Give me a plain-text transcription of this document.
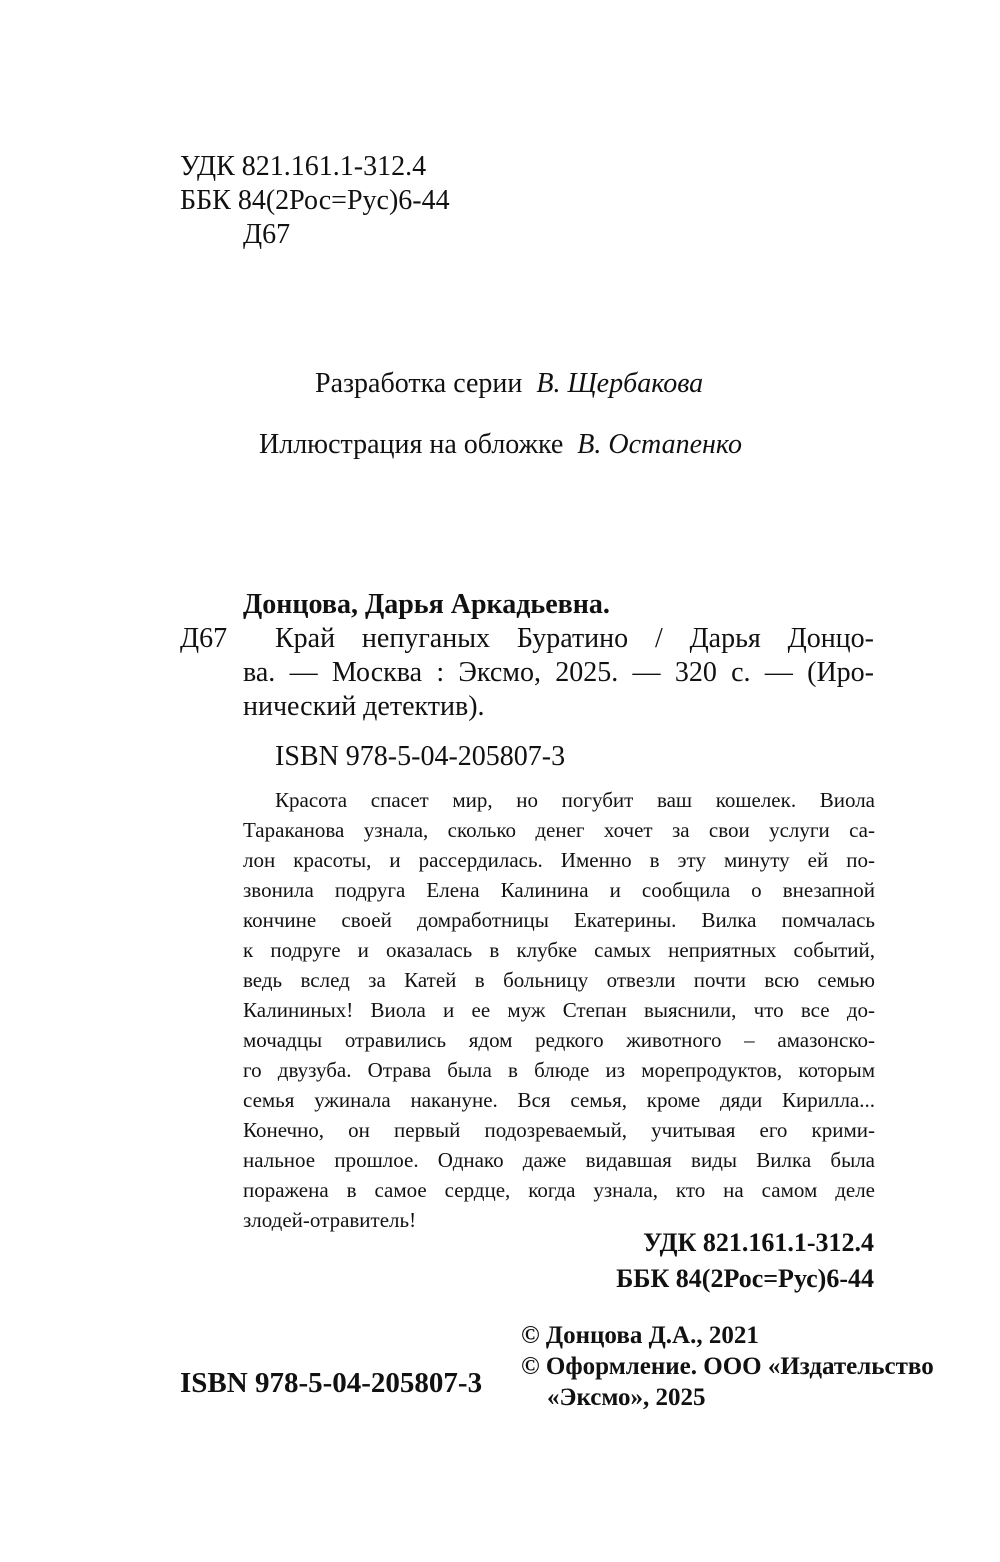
УДК 821.161.1-312.4
ББК 84(2Рос=Рус)6-44
Д67
Разработка серии В. Щербакова
Иллюстрация на обложке В. Остапенко
Донцова, Дарья Аркадьевна.
Д67 Край непуганых Буратино / Дарья Донцо-
ва. — Москва : Эксмо, 2025. — 320 с. — (Иро-
нический детектив).
ISBN 978-5-04-205807-3
Красота спасет мир, но погубит ваш кошелек. Виола
Тараканова узнала, сколько денег хочет за свои услуги са-
лон красоты, и рассердилась. Именно в эту минуту ей по-
звонила подруга Елена Калинина и сообщила о внезапной
кончине своей домработницы Екатерины. Вилка помчалась
к подруге и оказалась в клубке самых неприятных событий,
ведь вслед за Катей в больницу отвезли почти всю семью
Калининых! Виола и ее муж Степан выяснили, что все до-
мочадцы отравились ядом редкого животного – амазонско-
го двузуба. Отрава была в блюде из морепродуктов, которым
семья ужинала накануне. Вся семья, кроме дяди Кирилла...
Конечно, он первый подозреваемый, учитывая его крими-
нальное прошлое. Однако даже видавшая виды Вилка была
поражена в самое сердце, когда узнала, кто на самом деле
злодей-отравитель!
УДК 821.161.1-312.4
ББК 84(2Рос=Рус)6-44
ISBN 978-5-04-205807-3
© Донцова Д.А., 2021
© Оформление. ООО «Издательство
«Эксмо», 2025
